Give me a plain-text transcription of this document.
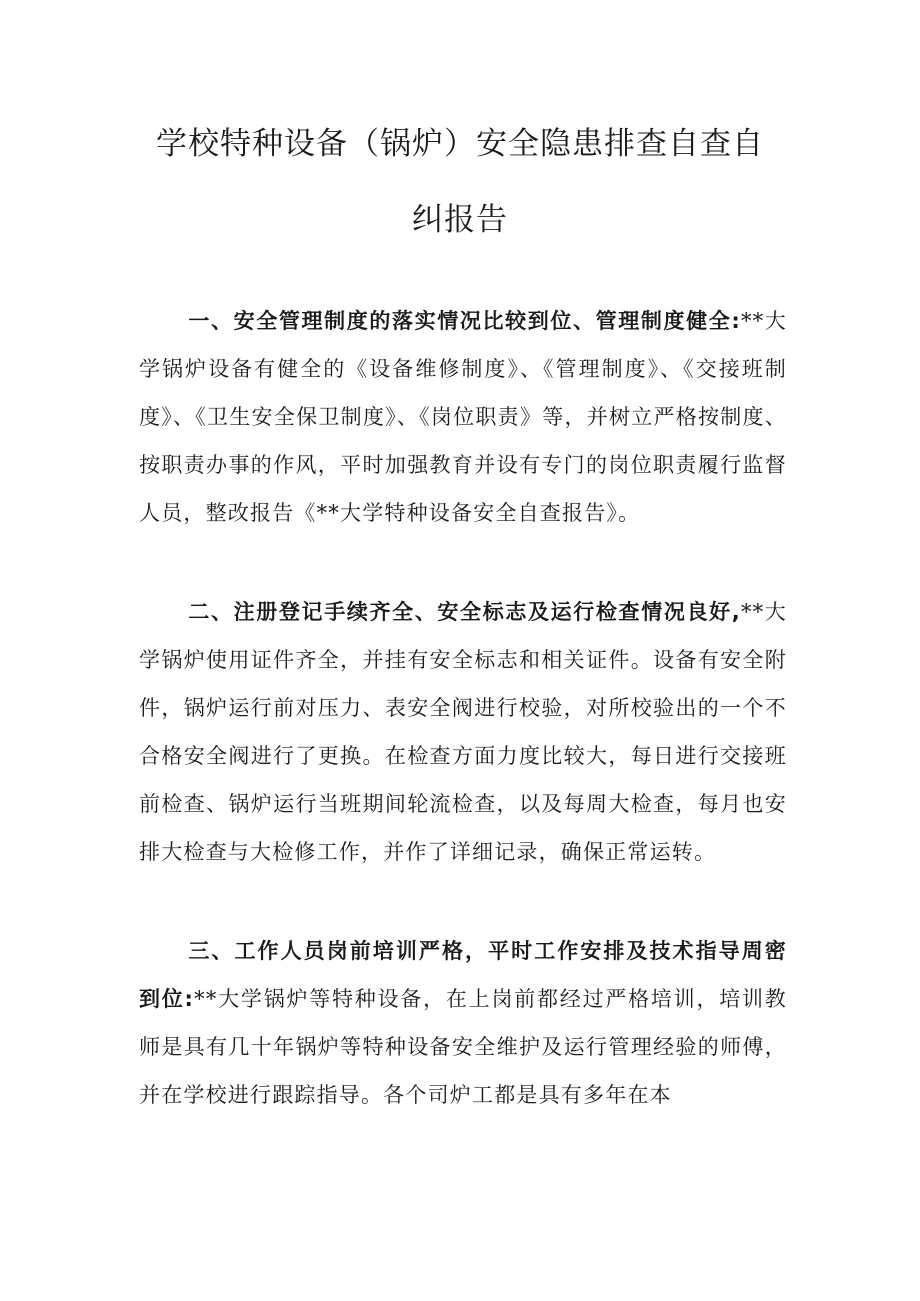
学校特种设备（锅炉）安全隐患排查自查自
纠报告

一、安全管理制度的落实情况比较到位、管理制度健全:**大学锅炉设备有健全的《设备维修制度》、《管理制度》、《交接班制度》、《卫生安全保卫制度》、《岗位职责》等，并树立严格按制度、按职责办事的作风，平时加强教育并设有专门的岗位职责履行监督人员，整改报告《**大学特种设备安全自查报告》。

二、注册登记手续齐全、安全标志及运行检查情况良好,**大学锅炉使用证件齐全，并挂有安全标志和相关证件。设备有安全附件，锅炉运行前对压力、表安全阀进行校验，对所校验出的一个不合格安全阀进行了更换。在检查方面力度比较大，每日进行交接班前检查、锅炉运行当班期间轮流检查，以及每周大检查，每月也安排大检查与大检修工作，并作了详细记录，确保正常运转。

三、工作人员岗前培训严格，平时工作安排及技术指导周密到位:**大学锅炉等特种设备，在上岗前都经过严格培训，培训教师是具有几十年锅炉等特种设备安全维护及运行管理经验的师傅，并在学校进行跟踪指导。各个司炉工都是具有多年在本
